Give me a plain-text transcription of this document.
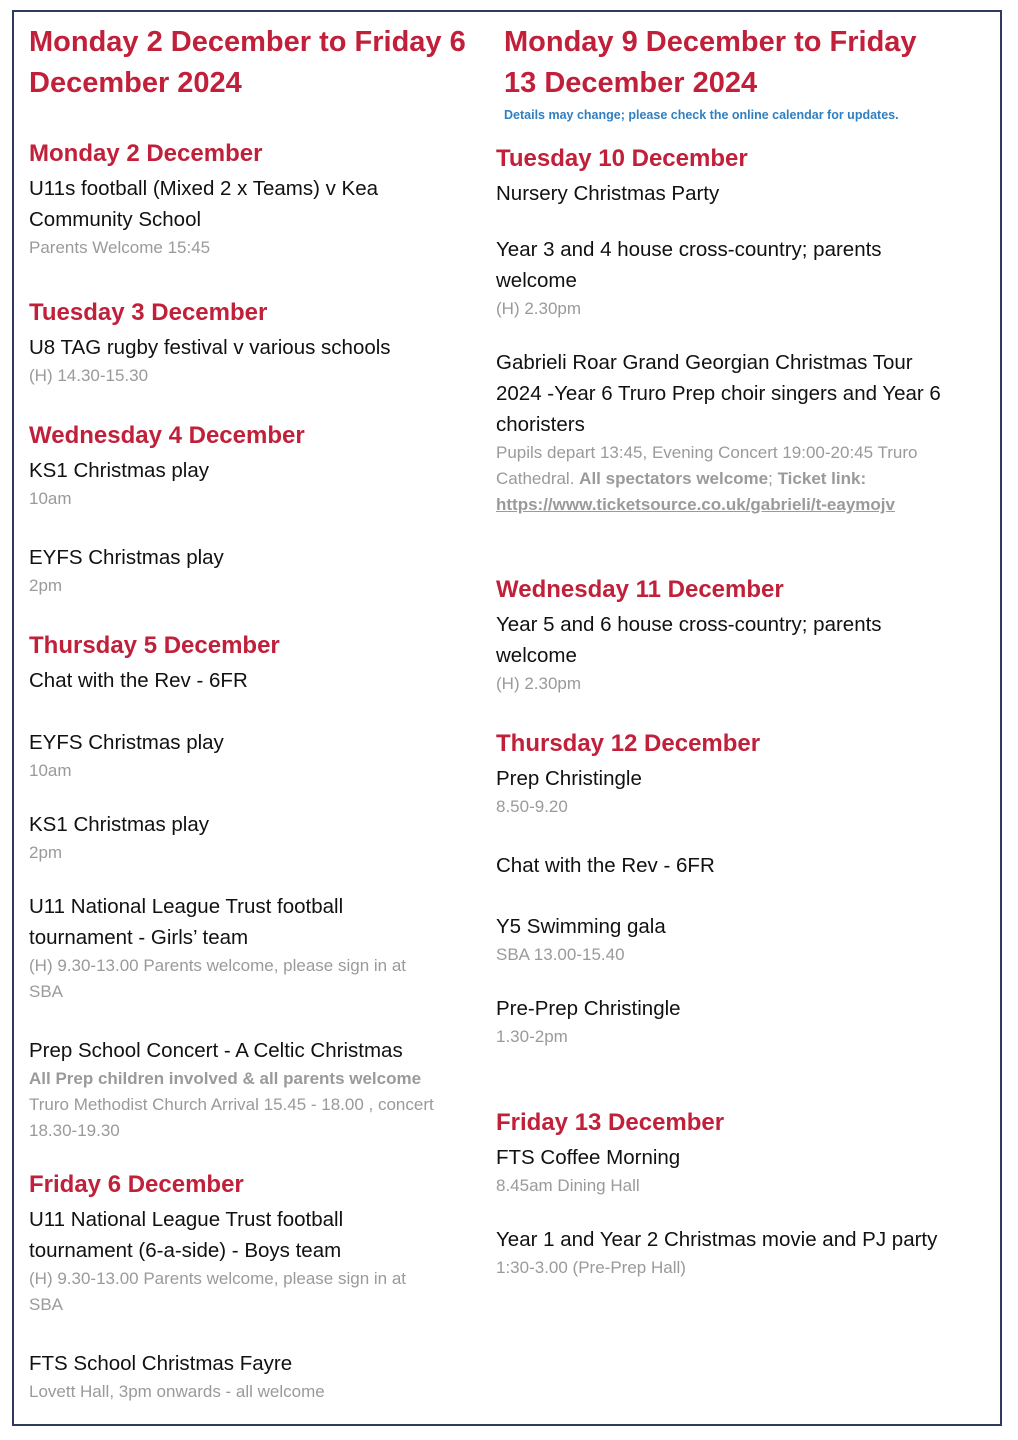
Monday 2 December to Friday 6
December 2024
Monday 2 December
U11s football (Mixed 2 x Teams) v Kea
Community School
Parents Welcome 15:45
Tuesday 3 December
U8 TAG rugby festival v various schools
(H) 14.30-15.30
Wednesday 4 December
KS1 Christmas play
10am
EYFS Christmas play
2pm
Thursday 5 December
Chat with the Rev - 6FR
EYFS Christmas play
10am
KS1 Christmas play
2pm
U11 National League Trust football
tournament - Girls’ team
(H) 9.30-13.00 Parents welcome, please sign in at
SBA
Prep School Concert - A Celtic Christmas
All Prep children involved & all parents welcome
Truro Methodist Church Arrival 15.45 - 18.00 , concert
18.30-19.30
Friday 6 December
U11 National League Trust football
tournament (6-a-side) - Boys team
(H) 9.30-13.00 Parents welcome, please sign in at
SBA
FTS School Christmas Fayre
Lovett Hall, 3pm onwards - all welcome
Monday 9 December to Friday
13 December 2024
Details may change; please check the online calendar for updates.
Tuesday 10 December
Nursery Christmas Party
Year 3 and 4 house cross-country; parents
welcome
(H) 2.30pm
Gabrieli Roar Grand Georgian Christmas Tour
2024 -Year 6 Truro Prep choir singers and Year 6
choristers
Pupils depart 13:45, Evening Concert 19:00-20:45 Truro
Cathedral. All spectators welcome; Ticket link:
https://www.ticketsource.co.uk/gabrieli/t-eaymojv
Wednesday 11 December
Year 5 and 6 house cross-country; parents
welcome
(H) 2.30pm
Thursday 12 December
Prep Christingle
8.50-9.20
Chat with the Rev - 6FR
Y5 Swimming gala
SBA 13.00-15.40
Pre-Prep Christingle
1.30-2pm
Friday 13 December
FTS Coffee Morning
8.45am Dining Hall
Year 1 and Year 2 Christmas movie and PJ party
1:30-3.00 (Pre-Prep Hall)
